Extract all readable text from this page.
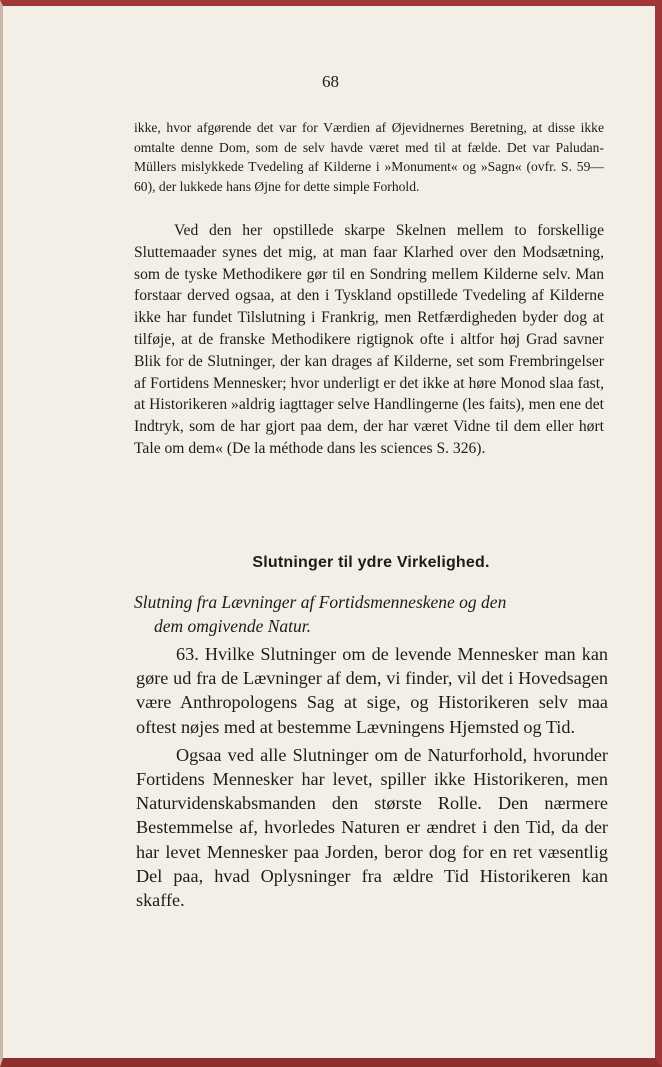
68

ikke, hvor afgørende det var for Værdien af Øjevidnernes Beretning, at disse ikke omtalte denne Dom, som de selv havde været med til at fælde. Det var Paludan-Müllers mislykkede Tvedeling af Kilderne i »Monument« og »Sagn« (ovfr. S. 59—60), der lukkede hans Øjne for dette simple Forhold.

Ved den her opstillede skarpe Skelnen mellem to forskellige Sluttemaader synes det mig, at man faar Klarhed over den Modsætning, som de tyske Methodikere gør til en Sondring mellem Kilderne selv. Man forstaar derved ogsaa, at den i Tyskland opstillede Tvedeling af Kilderne ikke har fundet Tilslutning i Frankrig, men Retfærdigheden byder dog at tilføje, at de franske Methodikere rigtignok ofte i altfor høj Grad savner Blik for de Slutninger, der kan drages af Kilderne, set som Frembringelser af Fortidens Mennesker; hvor underligt er det ikke at høre Monod slaa fast, at Historikeren »aldrig iagttager selve Handlingerne (les faits), men ene det Indtryk, som de har gjort paa dem, der har været Vidne til dem eller hørt Tale om dem« (De la méthode dans les sciences S. 326).

Slutninger til ydre Virkelighed.
Slutning fra Lævninger af Fortidsmenneskene og den
dem omgivende Natur.

63. Hvilke Slutninger om de levende Mennesker man kan gøre ud fra de Lævninger af dem, vi finder, vil det i Hovedsagen være Anthropologens Sag at sige, og Historikeren selv maa oftest nøjes med at bestemme Lævningens Hjemsted og Tid.

Ogsaa ved alle Slutninger om de Naturforhold, hvorunder Fortidens Mennesker har levet, spiller ikke Historikeren, men Naturvidenskabsmanden den største Rolle. Den nærmere Bestemmelse af, hvorledes Naturen er ændret i den Tid, da der har levet Mennesker paa Jorden, beror dog for en ret væsentlig Del paa, hvad Oplysninger fra ældre Tid Historikeren kan skaffe.
